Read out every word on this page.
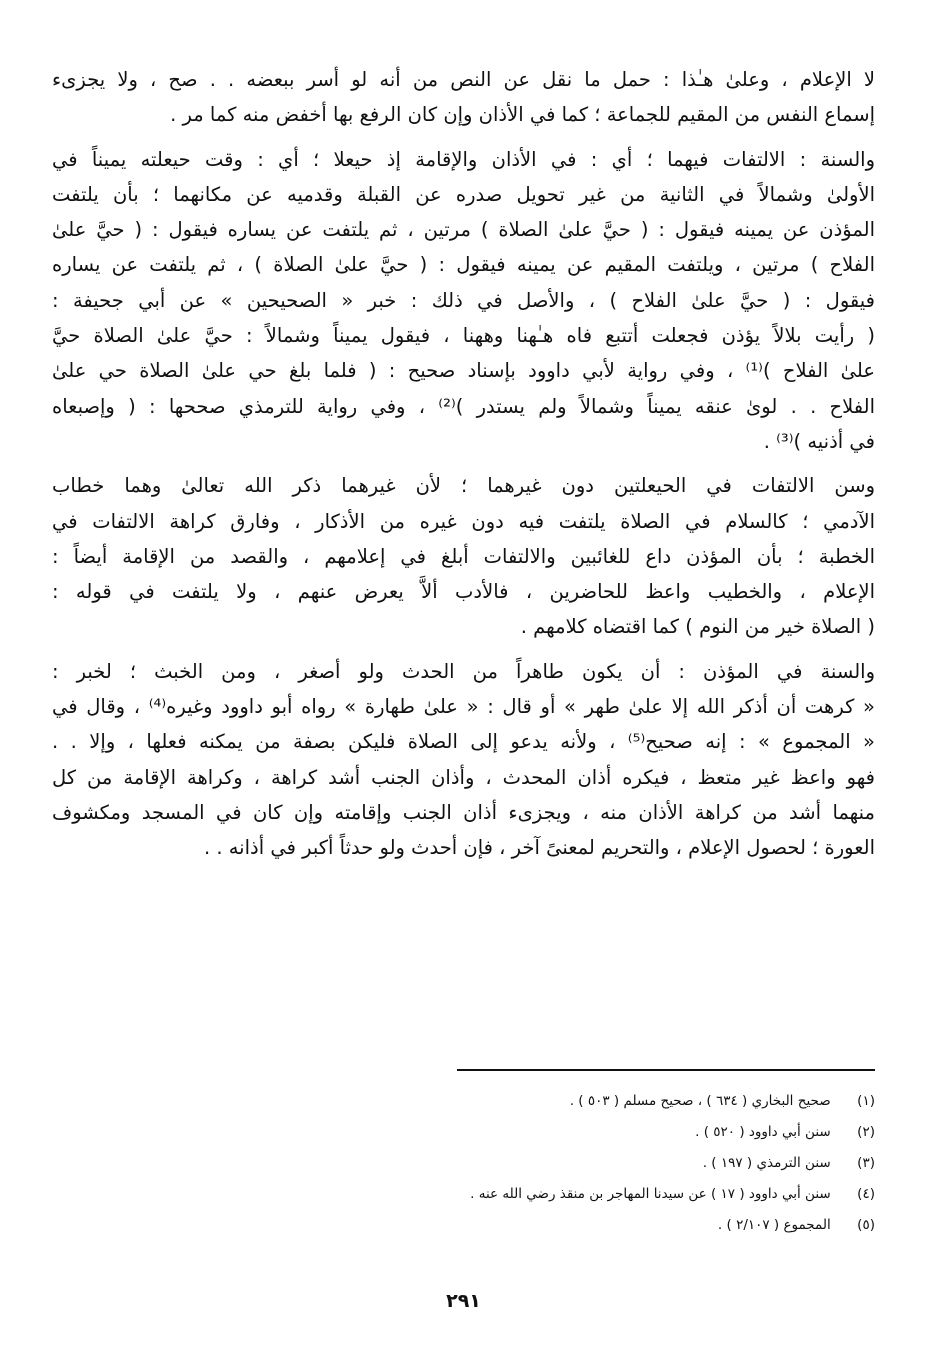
لا الإعلام ، وعلىٰ هـٰذا : حمل ما نقل عن النص من أنه لو أسر ببعضه . . صح ، ولا يجزىء
إسماع النفس من المقيم للجماعة ؛ كما في الأذان وإن كان الرفع بها أخفض منه كما مر .
والسنة : الالتفات فيهما ؛ أي : في الأذان والإقامة إذ حيعلا ؛ أي : وقت حيعلته يميناً في
الأولىٰ وشمالاً في الثانية من غير تحويل صدره عن القبلة وقدميه عن مكانهما ؛ بأن يلتفت
المؤذن عن يمينه فيقول : ( حيَّ علىٰ الصلاة ) مرتين ، ثم يلتفت عن يساره فيقول : ( حيَّ علىٰ
الفلاح ) مرتين ، ويلتفت المقيم عن يمينه فيقول : ( حيَّ علىٰ الصلاة ) ، ثم يلتفت عن يساره
فيقول : ( حيَّ علىٰ الفلاح ) ، والأصل في ذلك : خبر « الصحيحين » عن أبي جحيفة :
( رأيت بلالاً يؤذن فجعلت أتتبع فاه هـٰهنا وههنا ، فيقول يميناً وشمالاً : حيَّ علىٰ الصلاة حيَّ
علىٰ الفلاح )⁽¹⁾ ، وفي رواية لأبي داوود بإسناد صحيح : ( فلما بلغ حي علىٰ الصلاة حي علىٰ
الفلاح . . لوىٰ عنقه يميناً وشمالاً ولم يستدر )⁽²⁾ ، وفي رواية للترمذي صححها : ( وإصبعاه
في أذنيه )⁽³⁾ .
وسن الالتفات في الحيعلتين دون غيرهما ؛ لأن غيرهما ذكر الله تعالىٰ وهما خطاب
الآدمي ؛ كالسلام في الصلاة يلتفت فيه دون غيره من الأذكار ، وفارق كراهة الالتفات في
الخطبة ؛ بأن المؤذن داع للغائبين والالتفات أبلغ في إعلامهم ، والقصد من الإقامة أيضاً :
الإعلام ، والخطيب واعظ للحاضرين ، فالأدب ألاَّ يعرض عنهم ، ولا يلتفت في قوله :
( الصلاة خير من النوم ) كما اقتضاه كلامهم .
والسنة في المؤذن : أن يكون طاهراً من الحدث ولو أصغر ، ومن الخبث ؛ لخبر :
« كرهت أن أذكر الله إلا علىٰ طهر » أو قال : « علىٰ طهارة » رواه أبو داوود وغيره⁽⁴⁾ ، وقال في
« المجموع » : إنه صحيح⁽⁵⁾ ، ولأنه يدعو إلى الصلاة فليكن بصفة من يمكنه فعلها ، وإلا . .
فهو واعظ غير متعظ ، فيكره أذان المحدث ، وأذان الجنب أشد كراهة ، وكراهة الإقامة من كل
منهما أشد من كراهة الأذان منه ، ويجزىء أذان الجنب وإقامته وإن كان في المسجد ومكشوف
العورة ؛ لحصول الإعلام ، والتحريم لمعنىً آخر ، فإن أحدث ولو حدثاً أكبر في أذانه . .
(١) صحيح البخاري ( ٦٣٤ ) ، صحيح مسلم ( ٥٠٣ ) .
(٢) سنن أبي داوود ( ٥٢٠ ) .
(٣) سنن الترمذي ( ١٩٧ ) .
(٤) سنن أبي داوود ( ١٧ ) عن سيدنا المهاجر بن منقذ رضي الله عنه .
(٥) المجموع ( ٢/١٠٧ ) .
٢٩١
